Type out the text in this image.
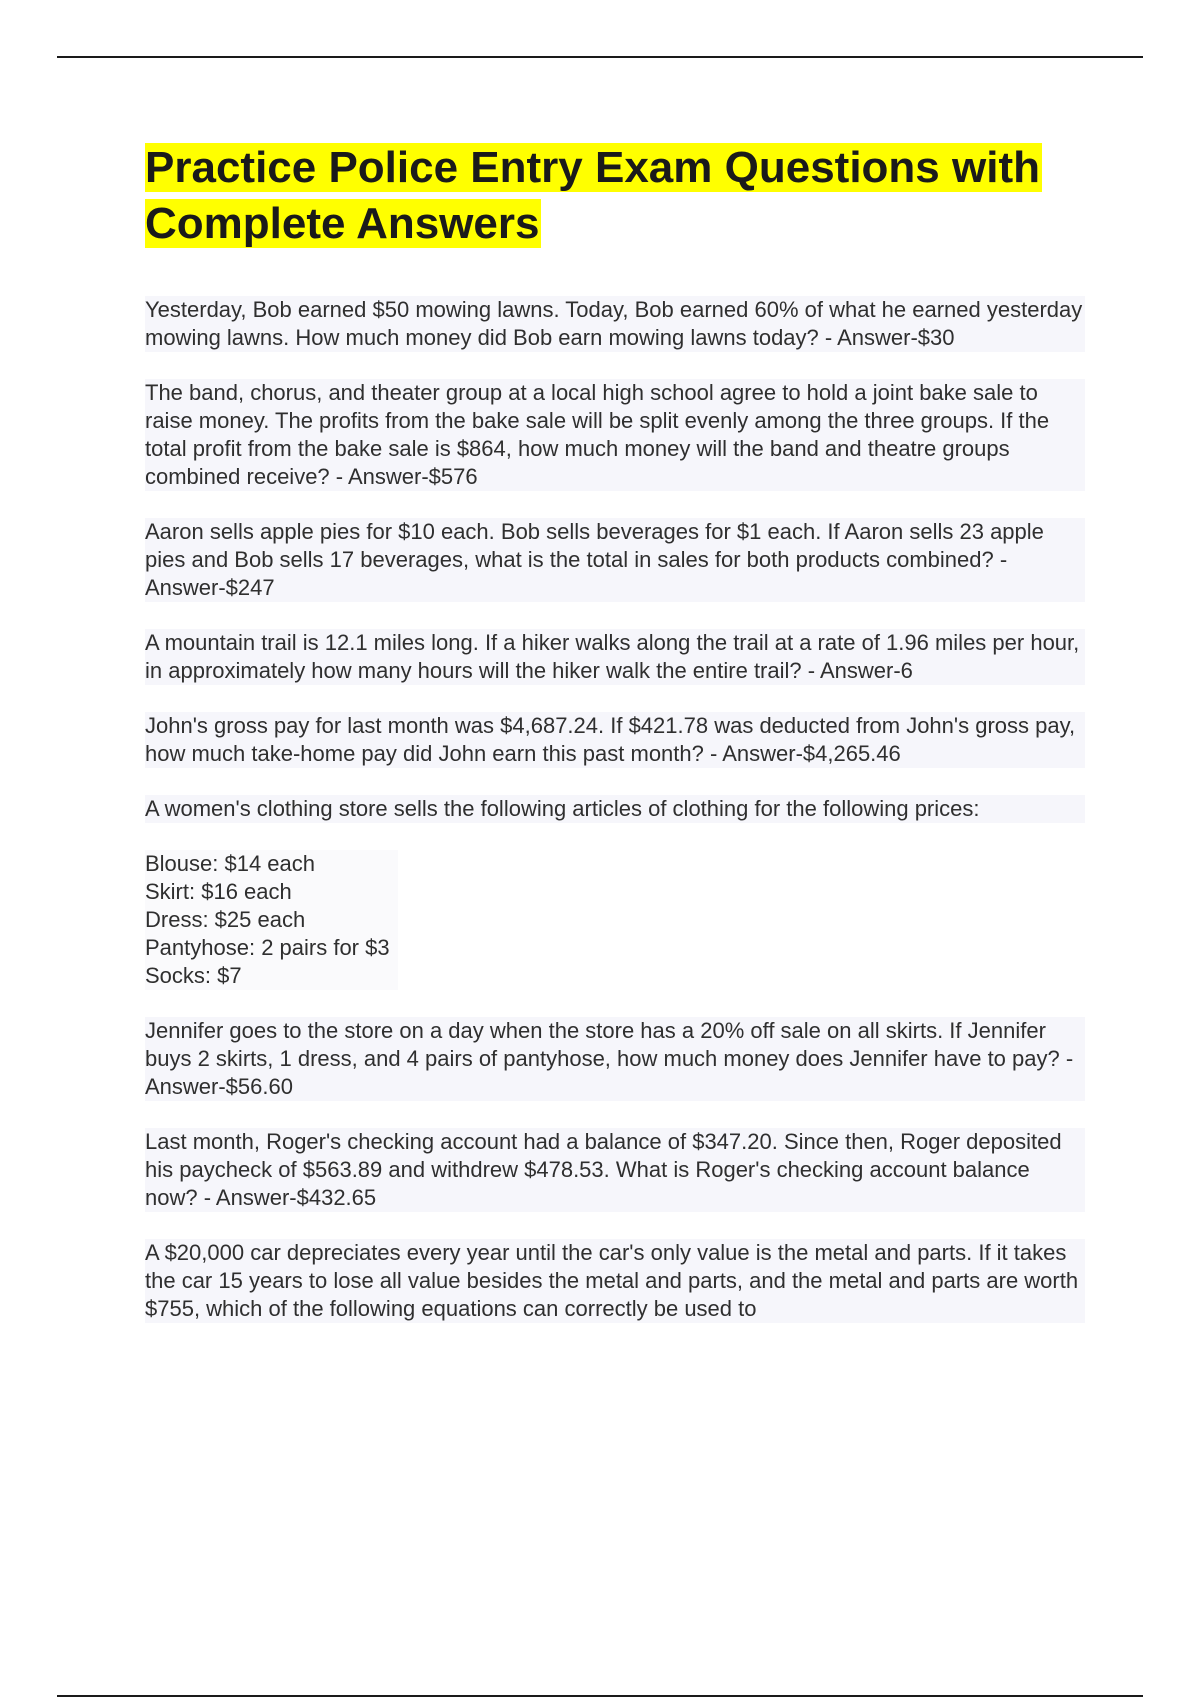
Practice Police Entry Exam Questions with Complete Answers

Yesterday, Bob earned $50 mowing lawns. Today, Bob earned 60% of what he earned yesterday mowing lawns. How much money did Bob earn mowing lawns today? - Answer-$30

The band, chorus, and theater group at a local high school agree to hold a joint bake sale to raise money. The profits from the bake sale will be split evenly among the three groups. If the total profit from the bake sale is $864, how much money will the band and theatre groups combined receive? - Answer-$576

Aaron sells apple pies for $10 each. Bob sells beverages for $1 each. If Aaron sells 23 apple pies and Bob sells 17 beverages, what is the total in sales for both products combined? - Answer-$247

A mountain trail is 12.1 miles long. If a hiker walks along the trail at a rate of 1.96 miles per hour, in approximately how many hours will the hiker walk the entire trail? - Answer-6

John's gross pay for last month was $4,687.24. If $421.78 was deducted from John's gross pay, how much take-home pay did John earn this past month? - Answer-$4,265.46

A women's clothing store sells the following articles of clothing for the following prices:

Blouse: $14 each
Skirt: $16 each
Dress: $25 each
Pantyhose: 2 pairs for $3
Socks: $7

Jennifer goes to the store on a day when the store has a 20% off sale on all skirts. If Jennifer buys 2 skirts, 1 dress, and 4 pairs of pantyhose, how much money does Jennifer have to pay? - Answer-$56.60

Last month, Roger's checking account had a balance of $347.20. Since then, Roger deposited his paycheck of $563.89 and withdrew $478.53. What is Roger's checking account balance now? - Answer-$432.65

A $20,000 car depreciates every year until the car's only value is the metal and parts. If it takes the car 15 years to lose all value besides the metal and parts, and the metal and parts are worth $755, which of the following equations can correctly be used to
